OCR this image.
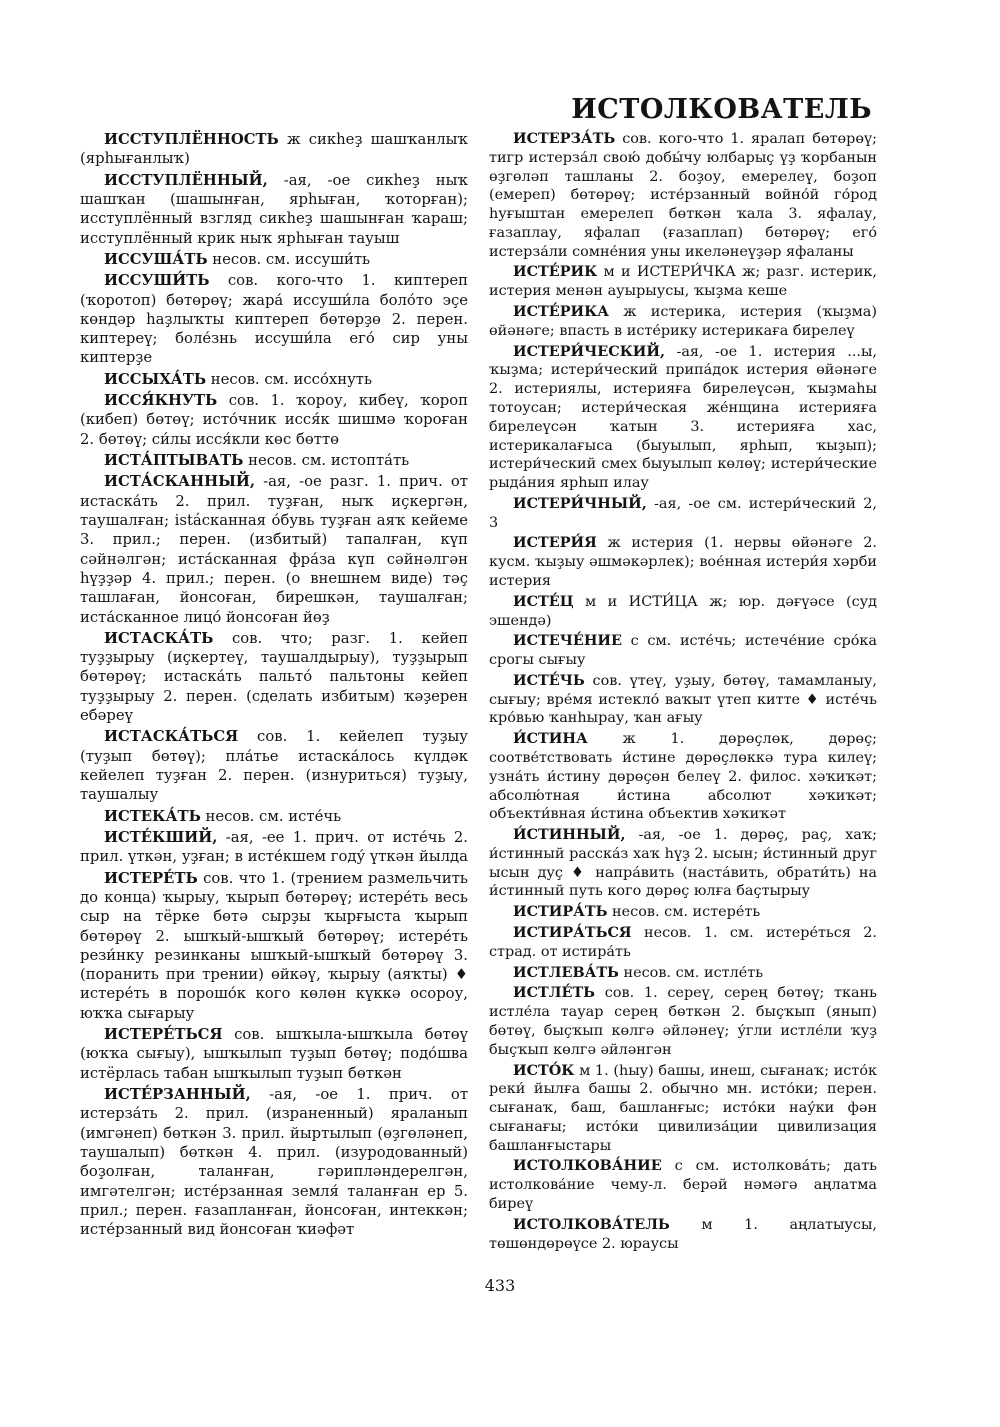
ИСТОЛКОВАТЕЛЬ

ИССТУПЛЁННОСТЬ ж сикһеҙ шашҡанлыҡ (ярһығанлыҡ)

ИССТУПЛЁННЫЙ, -ая, -ое сикһеҙ ныҡ шашҡан (шашынған, ярһыған, ҡоторған); исступлённый взгляд сикһеҙ шашынған ҡараш; исступлённый крик ныҡ ярһыған тауыш

ИССУША́ТЬ несов. см. иссуши́ть

ИССУШИ́ТЬ сов. кого-что 1. киптереп (ҡоротоп) бөтөрөү; жара́ иссуши́ла боло́то эҫе көндәр һаҙлыҡты киптереп бөтөрҙө 2. перен. киптереү; боле́знь иссуши́ла его́ сир уны киптерҙе

ИССЫХА́ТЬ несов. см. иссо́хнуть

ИССЯ́КНУТЬ сов. 1. ҡороу, кибеү, ҡороп (кибеп) бөтөү; исто́чник исся́к шишмә ҡороған 2. бөтөү; си́лы исся́кли көс бөттө

ИСТА́ПТЫВАТЬ несов. см. истопта́ть

ИСТА́СКАННЫЙ, -ая, -ое разг. 1. прич. от истаска́ть 2. прил. туҙған, ныҡ иҫкергән, таушалған; istáсканная о́бувь туҙған аяҡ кейеме 3. прил.; перен. (избитый) тапалған, күп сәйнәлгән; иста́сканная фра́за күп сәйнәлгән һүҙҙәр 4. прил.; перен. (о внешнем виде) тәҫ ташлаған, йонсоған, бирешкән, таушалған; иста́сканное лицо́ йонсоған йөҙ

ИСТАСКА́ТЬ сов. что; разг. 1. кейеп туҙҙырыу (иҫкертеү, таушалдырыу), туҙҙырып бөтөрөү; истаска́ть пальто́ пальтоны кейеп туҙҙырыу 2. перен. (сделать избитым) ҡәҙерен ебәреү

ИСТАСКА́ТЬСЯ сов. 1. кейелеп туҙыу (туҙып бөтөү); пла́тье истаска́лось күлдәк кейелеп туҙған 2. перен. (изнуриться) туҙыу, таушалыу

ИСТЕКА́ТЬ несов. см. исте́чь

ИСТЕ́КШИЙ, -ая, -ее 1. прич. от исте́чь 2. прил. үткән, уҙған; в исте́кшем году́ үткән йылда

ИСТЕРЕ́ТЬ сов. что 1. (трением размельчить до конца) ҡырыу, ҡырып бөтөрөү; истере́ть весь сыр на тёрке бөтә сырҙы ҡырғыста ҡырып бөтөрөү 2. ышҡый-ышҡый бөтөрөү; истере́ть рези́нку резинканы ышҡый-ышҡый бөтөрөү 3. (поранить при трении) өйкәү, ҡырыу (аяҡты) ♦ истере́ть в порошо́к кого көлөн күккә осороу, юҡҡа сығарыу

ИСТЕРЕ́ТЬСЯ сов. ышҡыла-ышҡыла бөтөү (юҡҡа сығыу), ышҡылып туҙып бөтөү; подо́шва истёрлась табан ышҡылып туҙып бөткән

ИСТЕ́РЗАННЫЙ, -ая, -ое 1. прич. от истерза́ть 2. прил. (израненный) яраланып (имгәнеп) бөткән 3. прил. йыртылып (өҙгөләнеп, таушалып) бөткән 4. прил. (изуродованный) боҙолған, таланған, гәрипләндерелгән, имгәтелгән; исте́рзанная земля́ таланған ер 5. прил.; перен. ғазапланған, йонсоған, интеккән; исте́рзанный вид йонсоған ҡиәфәт

ИСТЕРЗА́ТЬ сов. кого-что 1. яралап бөтөрөү; тигр истерза́л свою́ добы́чу юлбарыҫ үҙ ҡорбанын өҙгөләп ташланы 2. боҙоу, емерелеү, боҙоп (емереп) бөтөрөү; исте́рзанный войно́й го́род һуғыштан емерелеп бөткән ҡала 3. яфалау, ғазаплау, яфалап (ғазаплап) бөтөрөү; его́ истерза́ли сомне́ния уны икеләнеүҙәр яфаланы

ИСТЕ́РИК м и ИСТЕРИ́ЧКА ж; разг. истерик, истерия менән ауырыусы, ҡыҙма кеше

ИСТЕ́РИКА ж истерика, истерия (ҡыҙма) өйәнәге; впасть в исте́рику истерикаға бирелеү

ИСТЕРИ́ЧЕСКИЙ, -ая, -ое 1. истерия ...ы, ҡыҙма; истери́ческий припа́док истерия өйәнәге 2. истериялы, истерияға бирелеүсән, ҡыҙмаһы тотоусан; истери́ческая же́нщина истерияға бирелеүсән ҡатын 3. истерияға хас, истерикалағыса (быуылып, ярһып, ҡыҙып); истери́ческий смех быуылып көлөү; истери́ческие рыда́ния ярһып илау

ИСТЕРИ́ЧНЫЙ, -ая, -ое см. истери́ческий 2, 3

ИСТЕРИ́Я ж истерия (1. нервы өйәнәге 2. кусм. ҡыҙыу әшмәкәрлек); вое́нная истери́я хәрби истерия

ИСТЕ́Ц м и ИСТИ́ЦА ж; юр. дәғүәсе (суд эшендә)

ИСТЕЧЕ́НИЕ с см. исте́чь; истече́ние сро́ка срогы сығыу

ИСТЕ́ЧЬ сов. үтеү, уҙыу, бөтөү, тамамланыу, сығыу; вре́мя истекло́ ваҡыт үтеп китте ♦ исте́чь кро́вью ҡанһырау, ҡан ағыу

И́СТИНА ж 1. дөрөҫлөк, дөрөҫ; соотве́тствовать и́стине дөрөҫлөккә тура килеү; узна́ть и́стину дөрөҫөн белеү 2. филос. хәҡиҡәт; абсолю́тная и́стина абсолют хәҡиҡәт; объекти́вная и́стина объектив хәҡиҡәт

И́СТИННЫЙ, -ая, -ое 1. дөрөҫ, раҫ, хаҡ; и́стинный расска́з хаҡ һүҙ 2. ысын; и́стинный друг ысын дуҫ ♦ напра́вить (наста́вить, обрати́ть) на и́стинный путь кого дөрөҫ юлға баҫтырыу

ИСТИРА́ТЬ несов. см. истере́ть

ИСТИРА́ТЬСЯ несов. 1. см. истере́ться 2. страд. от истира́ть

ИСТЛЕВА́ТЬ несов. см. истле́ть

ИСТЛЕ́ТЬ сов. 1. сереү, серең бөтөү; ткань истле́ла тауар серең бөткән 2. быҫҡып (янып) бөтөү, быҫҡып көлгә әйләнеү; у́гли истле́ли ҡуҙ быҫҡып көлгә әйләнгән

ИСТО́К м 1. (һыу) башы, инеш, сығанаҡ; исто́к реки́ йылға башы 2. обычно мн. исто́ки; перен. сығанаҡ, баш, башланғыс; исто́ки нау́ки фән сығанағы; исто́ки цивилиза́ции цивилизация башланғыстары

ИСТОЛКОВА́НИЕ с см. истолкова́ть; дать истолкова́ние чему-л. берәй нәмәгә аңлатма биреү

ИСТОЛКОВА́ТЕЛЬ м 1. аңлатыусы, төшөндөрөүсе 2. юраусы

433
